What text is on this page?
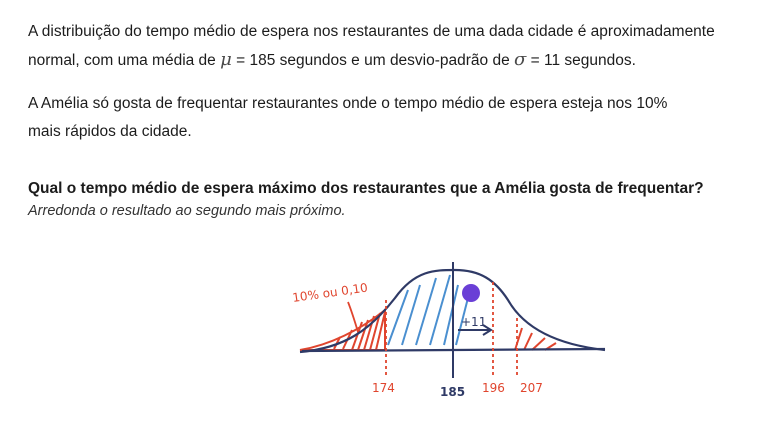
A distribuição do tempo médio de espera nos restaurantes de uma dada cidade é aproximadamente
normal, com uma média de μ = 185 segundos e um desvio-padrão de σ = 11 segundos.

A Amélia só gosta de frequentar restaurantes onde o tempo médio de espera esteja nos 10%
mais rápidos da cidade.

Qual o tempo médio de espera máximo dos restaurantes que a Amélia gosta de frequentar?

Arredonda o resultado ao segundo mais próximo.

+11
10% ou 0,10
174	185 196 207
